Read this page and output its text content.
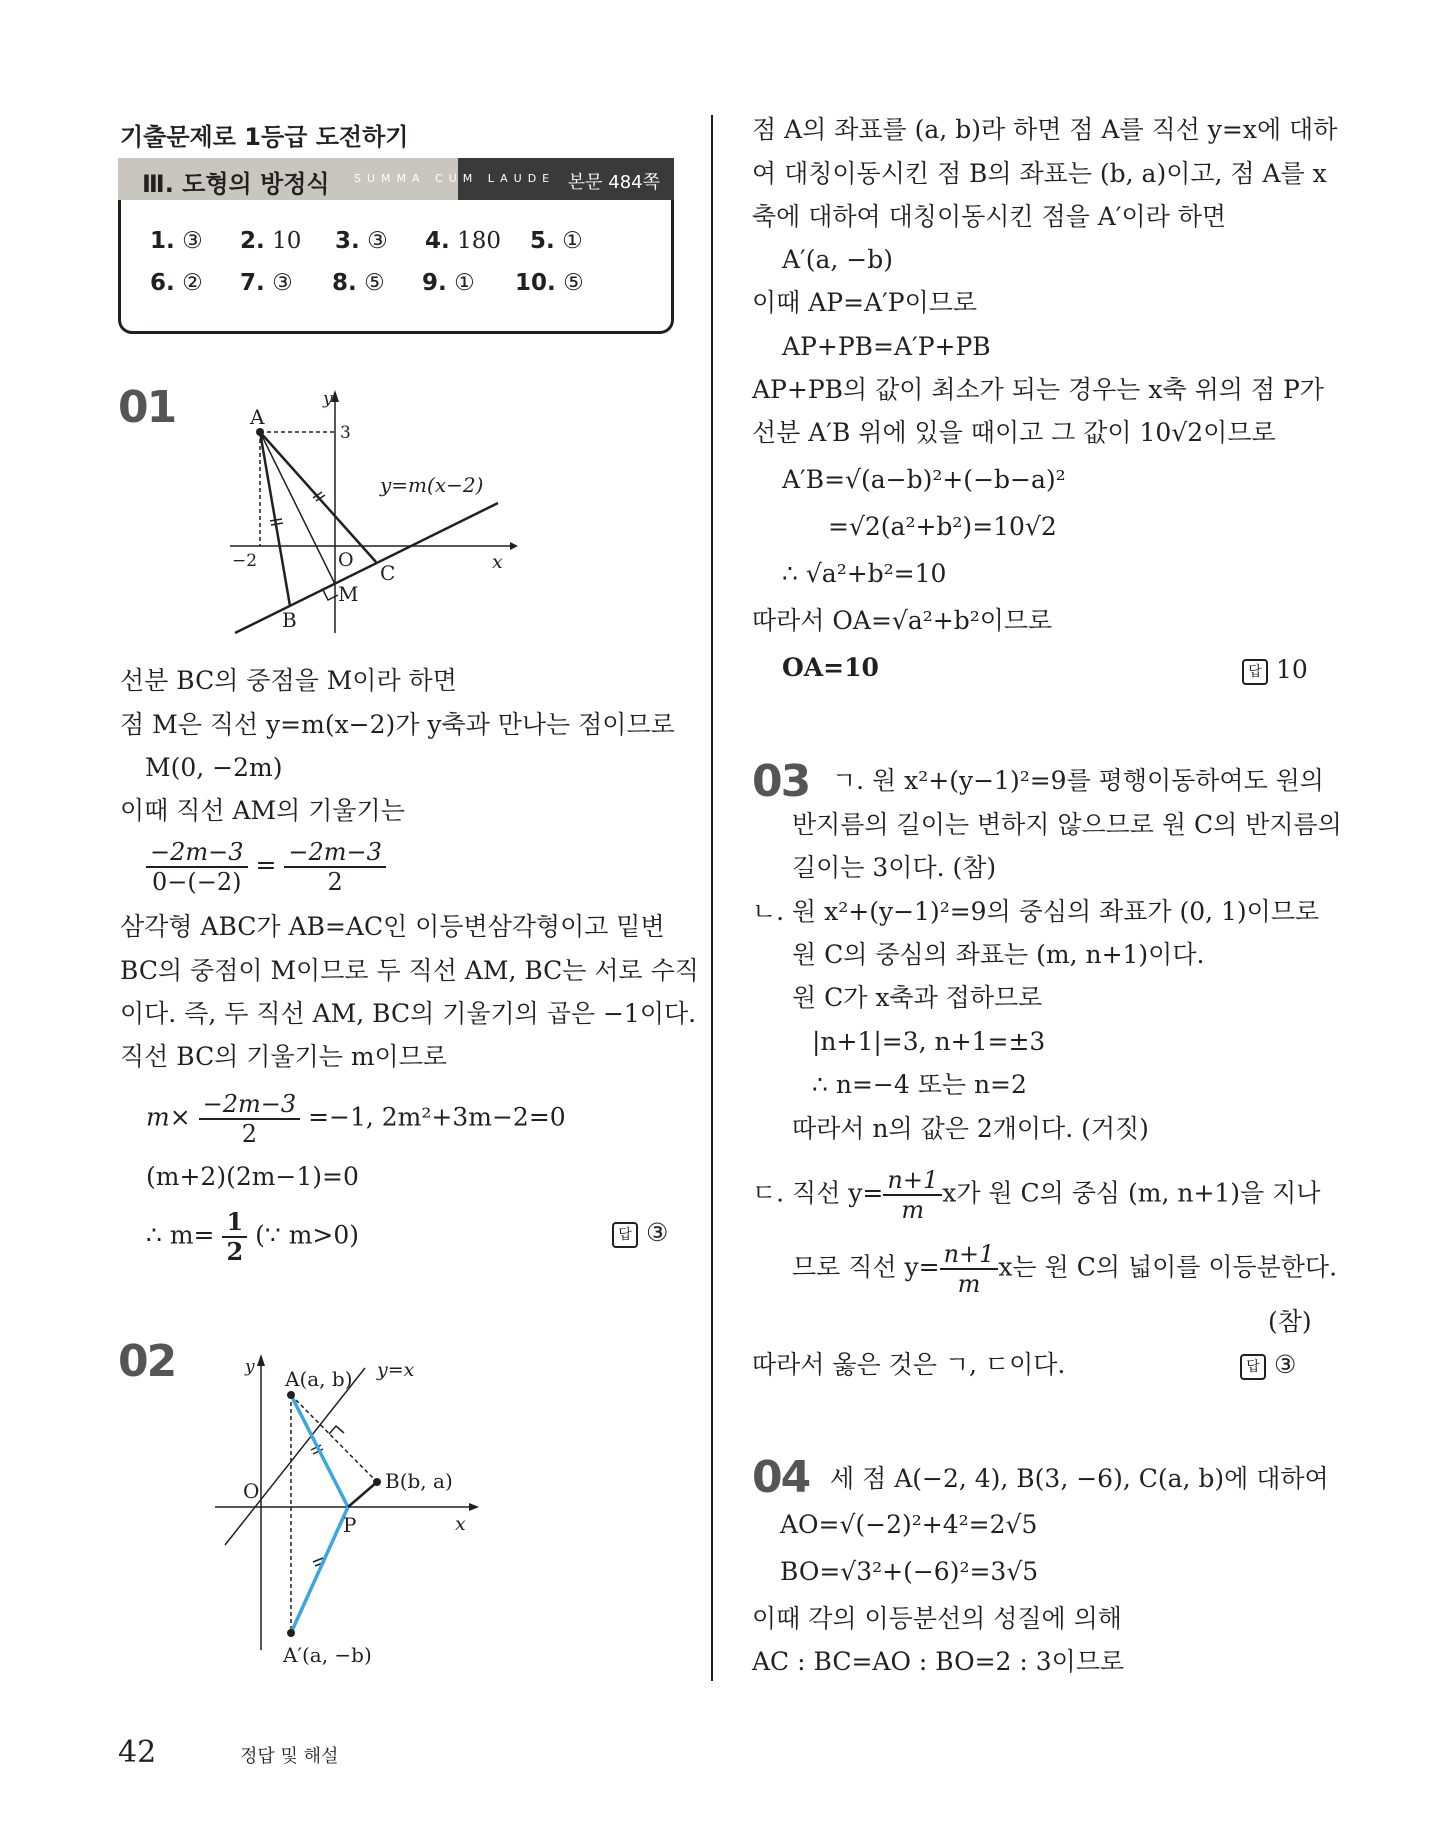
기출문제로 1등급 도전하기
Ⅲ. 도형의 방정식 SUMMA CUM LAUDE 본문 484쪽
1. ③ 2. 10 3. ③ 4. 180 5. ①
6. ② 7. ③ 8. ⑤ 9. ① 10. ⑤
01	A
3
y
y=m(x−2)
−2	O
C	x
M
B
선분 BC의 중점을 M이라 하면
점 M은 직선 y=m(x−2)가 y축과 만나는 점이므로
M(0, −2m)
이때 직선 AM의 기울기는
$\frac{-2m-3}{0-(-2)} = \frac{-2m-3}{2}$
삼각형 ABC가 AB=AC인 이등변삼각형이고 밑변
BC의 중점이 M이므로 두 직선 AM, BC는 서로 수직
이다. 즉, 두 직선 AM, BC의 기울기의 곱은 −1이다.
직선 BC의 기울기는 m이므로
$m\times \frac{-2m-3}{2} =-1$, 2m²+3m−2=0
(m+2)(2m−1)=0
∴ $m= \frac{1}{2}$ (∵ m>0)	답 ③
02	y A(a, b) y=x
O	B(b, a)
P	x
A′(a, −b)
점 A의 좌표를 (a, b)라 하면 점 A를 직선 y=x에 대하
여 대칭이동시킨 점 B의 좌표는 (b, a)이고, 점 A를 x
축에 대하여 대칭이동시킨 점을 A′이라 하면
A′(a, −b)
이때 AP=A′P이므로
AP+PB=A′P+PB
AP+PB의 값이 최소가 되는 경우는 x축 위의 점 P가
선분 A′B 위에 있을 때이고 그 값이 10√2이므로
A′B=√(a−b)²+(−b−a)²
=√2(a²+b²)=10√2
∴ √a²+b²=10
따라서 OA=√a²+b²이므로
OA=10	답 10
03 ㄱ. 원 x²+(y−1)²=9를 평행이동하여도 원의
반지름의 길이는 변하지 않으므로 원 C의 반지름의
길이는 3이다. (참)
ㄴ. 원 x²+(y−1)²=9의 중심의 좌표가 (0, 1)이므로
원 C의 중심의 좌표는 (m, n+1)이다.
원 C가 x축과 접하므로
|n+1|=3, n+1=±3
∴ n=−4 또는 n=2
따라서 n의 값은 2개이다. (거짓)
ㄷ. 직선 $y= \frac{n+1}{m}$ x가 원 C의 중심 (m, n+1)을 지나
므로 직선 $y= \frac{n+1}{m}$ x는 원 C의 넓이를 이등분한다.
(참)
따라서 옳은 것은 ㄱ, ㄷ이다.	답 ③
04 세 점 A(−2, 4), B(3, −6), C(a, b)에 대하여
AO=√(−2)²+4²=2√5
BO=√3²+(−6)²=3√5
이때 각의 이등분선의 성질에 의해
AC : BC=AO : BO=2 : 3이므로
42	정답 및 해설
